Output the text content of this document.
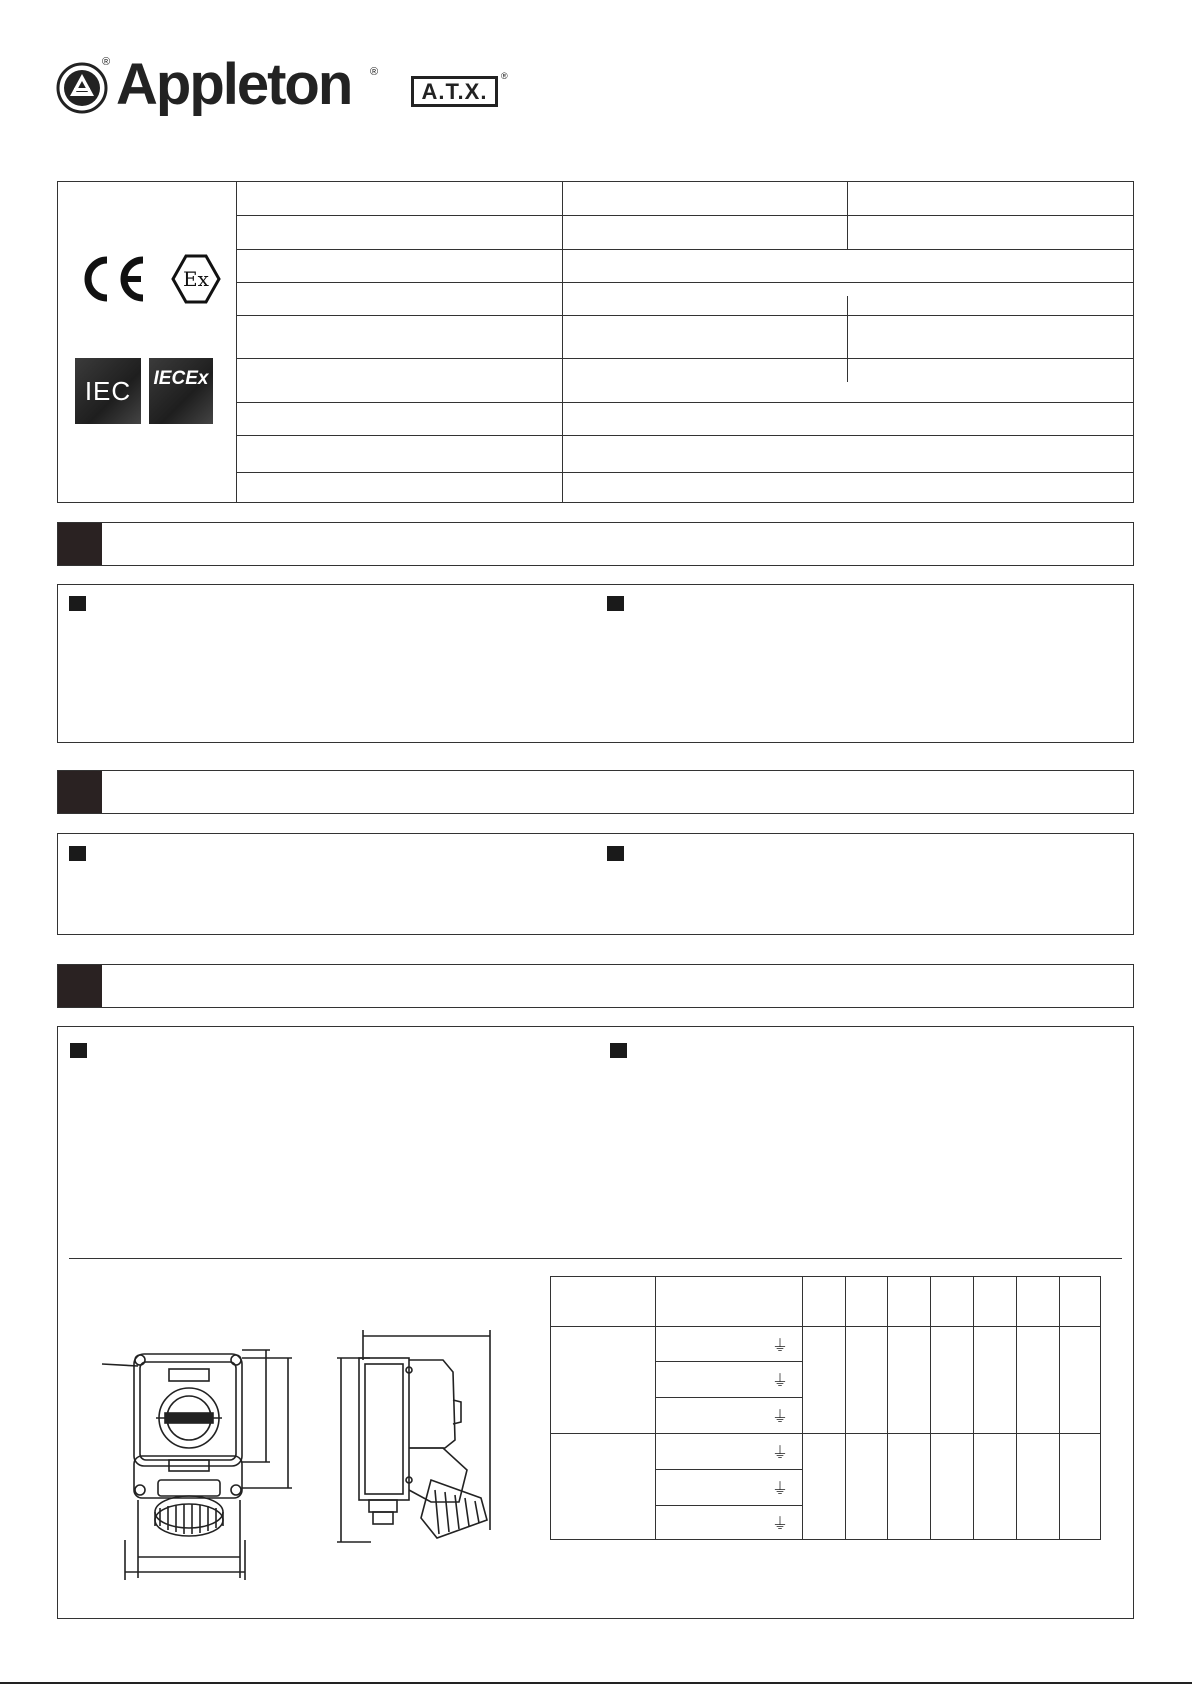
® Appleton ®
A.T.X.
®
Ex
IEC IECEx

	⏚							
	⏚							
	⏚							
	⏚							
	⏚							
	⏚							
